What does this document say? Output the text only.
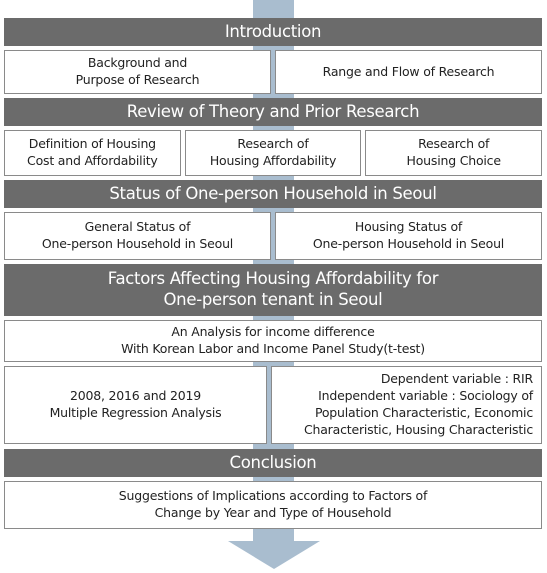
Introduction
Background and
Purpose of Research
Range and Flow of Research
Review of Theory and Prior Research
Definition of Housing
Cost and Affordability
Research of
Housing Affordability
Research of
Housing Choice
Status of One-person Household in Seoul
General Status of
One-person Household in Seoul
Housing Status of
One-person Household in Seoul
Factors Affecting Housing Affordability for
One-person tenant in Seoul
An Analysis for income difference
With Korean Labor and Income Panel Study(t-test)
2008, 2016 and 2019
Multiple Regression Analysis
Dependent variable : RIR
Independent variable : Sociology of
Population Characteristic, Economic
Characteristic, Housing Characteristic
Conclusion
Suggestions of Implications according to Factors of
Change by Year and Type of Household
